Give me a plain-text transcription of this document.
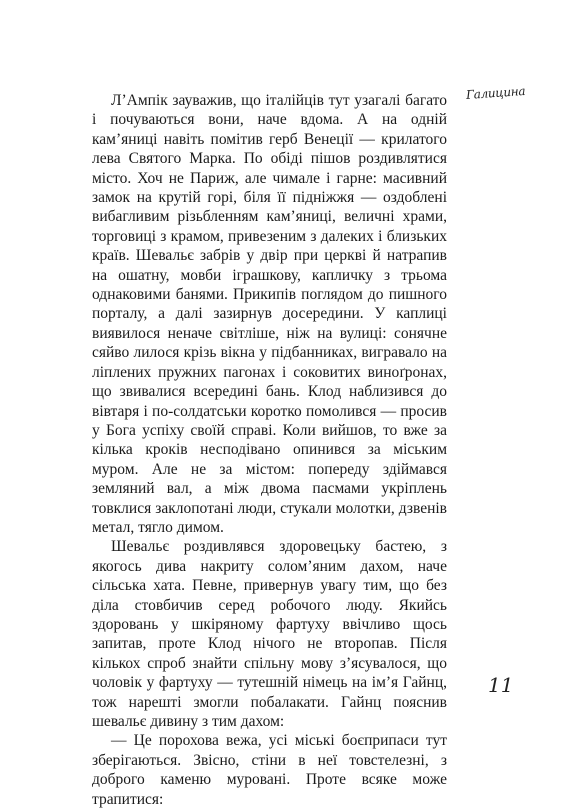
Галицина

Л’Ампік зауважив, що італійців тут узагалі багато і почуваються вони, наче вдома. А на одній кам’яниці навіть помітив герб Венеції — крилатого лева Святого Марка. По обіді пішов роздивлятися місто. Хоч не Париж, але чимале і гарне: масивний замок на крутій горі, біля її підніжжя — оздоблені вибагливим різьбленням кам’яниці, величні храми, торговиці з крамом, привезеним з далеких і близьких країв. Шевальє забрів у двір при церкві й натрапив на ошатну, мовби іграшкову, капличку з трьома однаковими банями. Прикипів поглядом до пишного порталу, а далі зазирнув досередини. У каплиці виявилося неначе світліше, ніж на вулиці: сонячне сяйво лилося крізь вікна у підбанниках, вигравало на ліплених пружних пагонах і соковитих виноґронах, що звивалися всередині бань. Клод наблизився до вівтаря і по-солдатськи коротко помолився — просив у Бога успіху своїй справі. Коли вийшов, то вже за кілька кроків несподівано опинився за міським муром. Але не за містом: попереду здіймався земляний вал, а між двома пасмами укріплень товклися заклопотані люди, стукали молотки, дзвенів метал, тягло димом.

Шевальє роздивлявся здоровецьку бастею, з якогось дива накриту солом’яним дахом, наче сільська хата. Певне, привернув увагу тим, що без діла стовбичив серед робочого люду. Якийсь здоровань у шкіряному фартуху ввічливо щось запитав, проте Клод нічого не второпав. Після кількох спроб знайти спільну мову з’ясувалося, що чоловік у фартуху — тутешній німець на ім’я Гайнц, тож нарешті змогли побалакати. Гайнц пояснив шевальє дивину з тим дахом:

— Це порохова вежа, усі міські боєприпаси тут зберігаються. Звісно, стіни в неї товстелезні, з доброго каменю муровані. Проте всяке може трапитися:

11
